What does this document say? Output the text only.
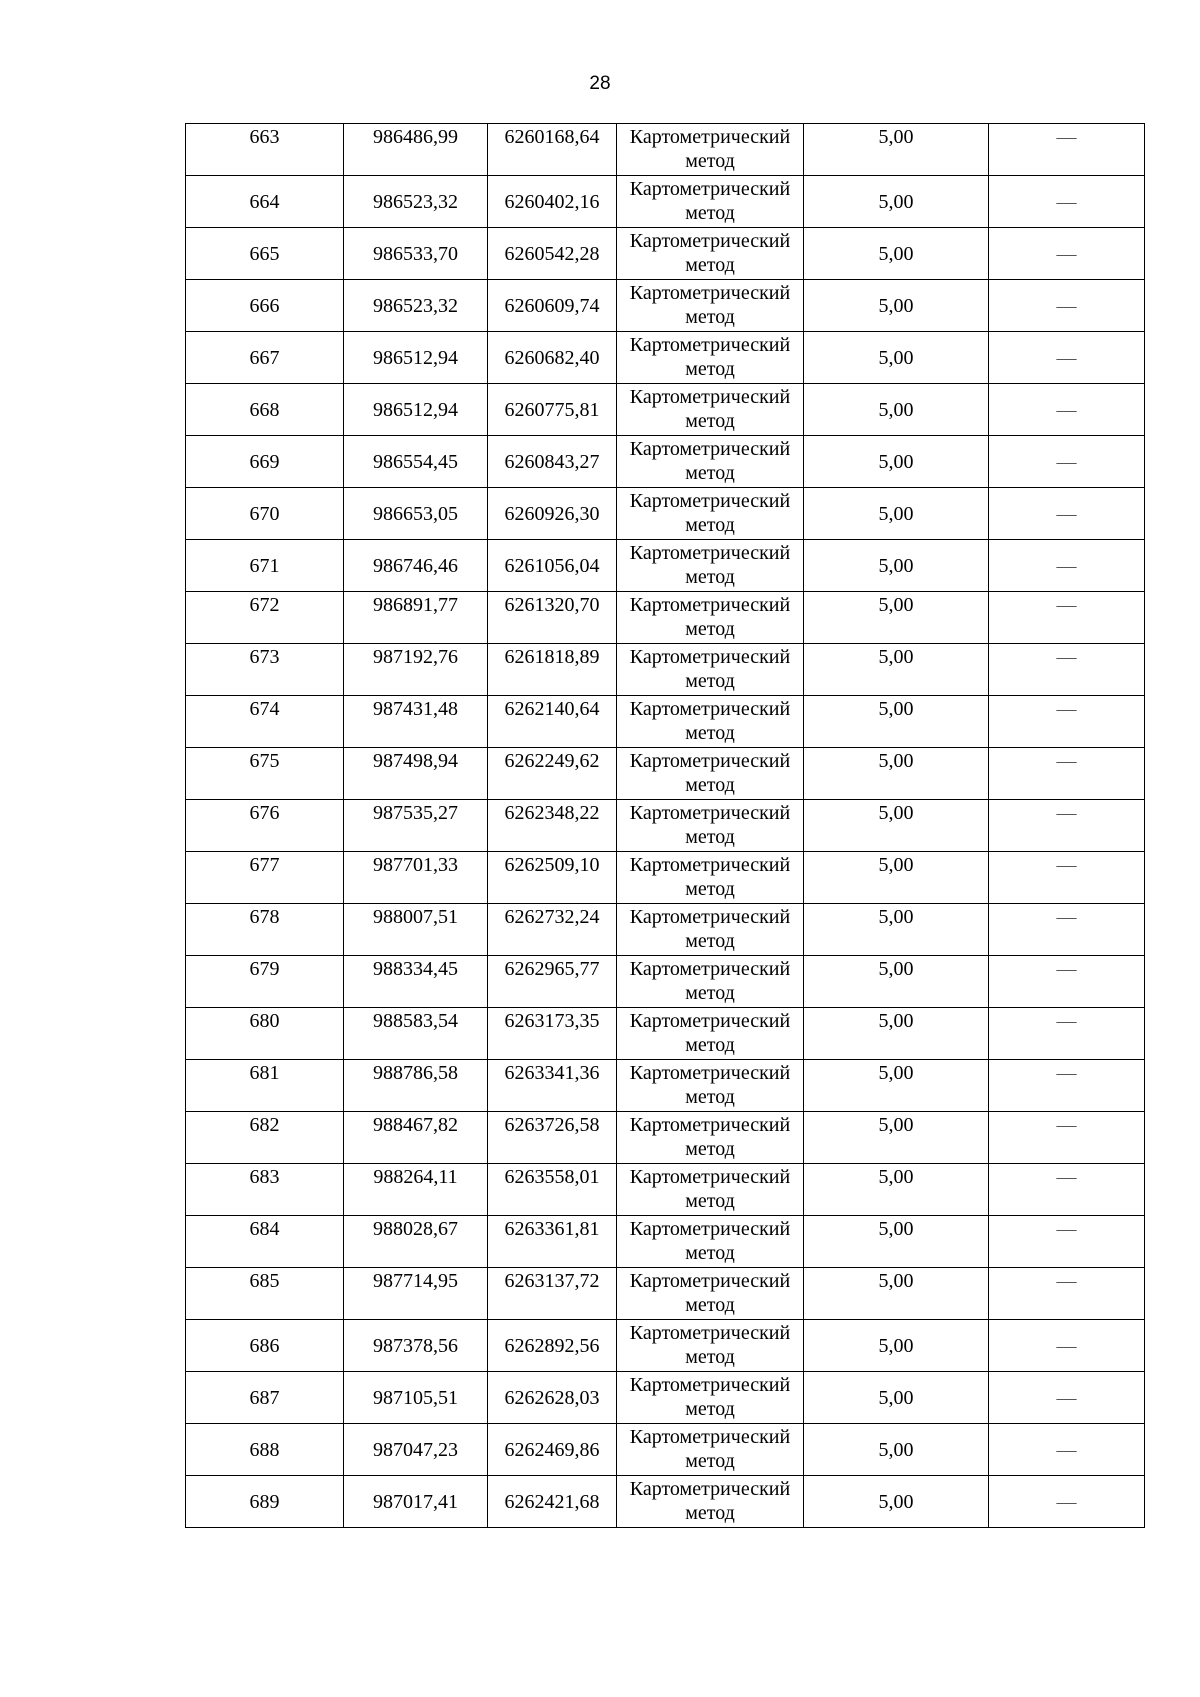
28
663	986486,99	6260168,64	Картометрический
метод	5,00	—
664	986523,32	6260402,16	Картометрический
метод	5,00	—
665	986533,70	6260542,28	Картометрический
метод	5,00	—
666	986523,32	6260609,74	Картометрический
метод	5,00	—
667	986512,94	6260682,40	Картометрический
метод	5,00	—
668	986512,94	6260775,81	Картометрический
метод	5,00	—
669	986554,45	6260843,27	Картометрический
метод	5,00	—
670	986653,05	6260926,30	Картометрический
метод	5,00	—
671	986746,46	6261056,04	Картометрический
метод	5,00	—
672	986891,77	6261320,70	Картометрический
метод	5,00	—
673	987192,76	6261818,89	Картометрический
метод	5,00	—
674	987431,48	6262140,64	Картометрический
метод	5,00	—
675	987498,94	6262249,62	Картометрический
метод	5,00	—
676	987535,27	6262348,22	Картометрический
метод	5,00	—
677	987701,33	6262509,10	Картометрический
метод	5,00	—
678	988007,51	6262732,24	Картометрический
метод	5,00	—
679	988334,45	6262965,77	Картометрический
метод	5,00	—
680	988583,54	6263173,35	Картометрический
метод	5,00	—
681	988786,58	6263341,36	Картометрический
метод	5,00	—
682	988467,82	6263726,58	Картометрический
метод	5,00	—
683	988264,11	6263558,01	Картометрический
метод	5,00	—
684	988028,67	6263361,81	Картометрический
метод	5,00	—
685	987714,95	6263137,72	Картометрический
метод	5,00	—
686	987378,56	6262892,56	Картометрический
метод	5,00	—
687	987105,51	6262628,03	Картометрический
метод	5,00	—
688	987047,23	6262469,86	Картометрический
метод	5,00	—
689	987017,41	6262421,68	Картометрический
метод	5,00	—
